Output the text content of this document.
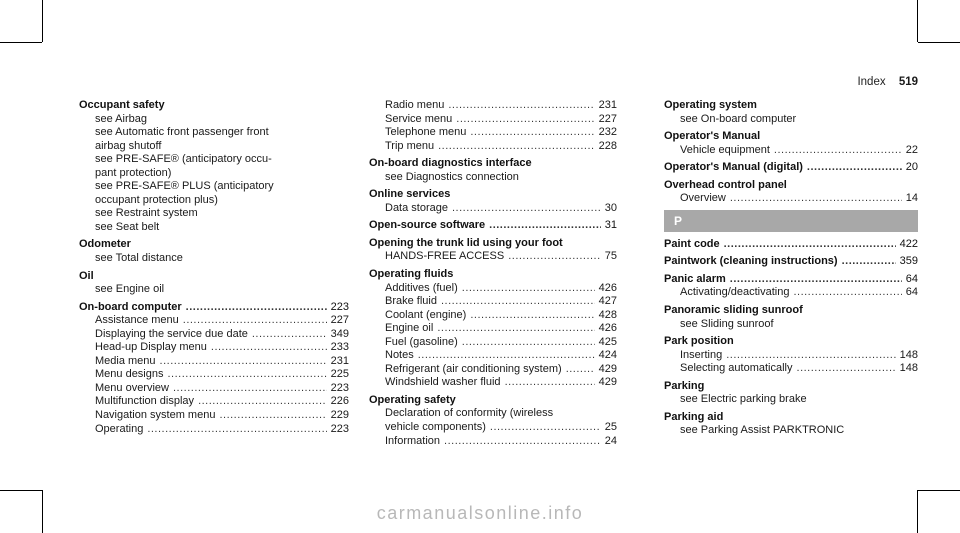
Index 519
Occupant safety
see Airbag
see Automatic front passenger front
airbag shutoff
see PRE-SAFE® (anticipatory occu-
pant protection)
see PRE-SAFE® PLUS (anticipatory
occupant protection plus)
see Restraint system
see Seat belt
Odometer
see Total distance
Oil
see Engine oil
On-board computer .....	223
Assistance menu .....	227
Displaying the service due date .....	349
Head-up Display menu .....	233
Media menu .....	231
Menu designs .....	225
Menu overview .....	223
Multifunction display .....	226
Navigation system menu .....	229
Operating .....	223
Radio menu .....	231
Service menu .....	227
Telephone menu .....	232
Trip menu .....	228
On-board diagnostics interface
see Diagnostics connection
Online services
Data storage .....	30
Open-source software .....	31
Opening the trunk lid using your foot
HANDS-FREE ACCESS .....	75
Operating fluids
Additives (fuel) .....	426
Brake fluid .....	427
Coolant (engine) .....	428
Engine oil .....	426
Fuel (gasoline) .....	425
Notes .....	424
Refrigerant (air conditioning system) .....	429
Windshield washer fluid .....	429
Operating safety
Declaration of conformity (wireless
vehicle components) .....	25
Information .....	24
Operating system
see On-board computer
Operator's Manual
Vehicle equipment .....	22
Operator's Manual (digital) .....	20
Overhead control panel
Overview .....	14
P
Paint code .....	422
Paintwork (cleaning instructions) .....	359
Panic alarm .....	64
Activating/deactivating .....	64
Panoramic sliding sunroof
see Sliding sunroof
Park position
Inserting .....	148
Selecting automatically .....	148
Parking
see Electric parking brake
Parking aid
see Parking Assist PARKTRONIC
carmanualsonline.info
